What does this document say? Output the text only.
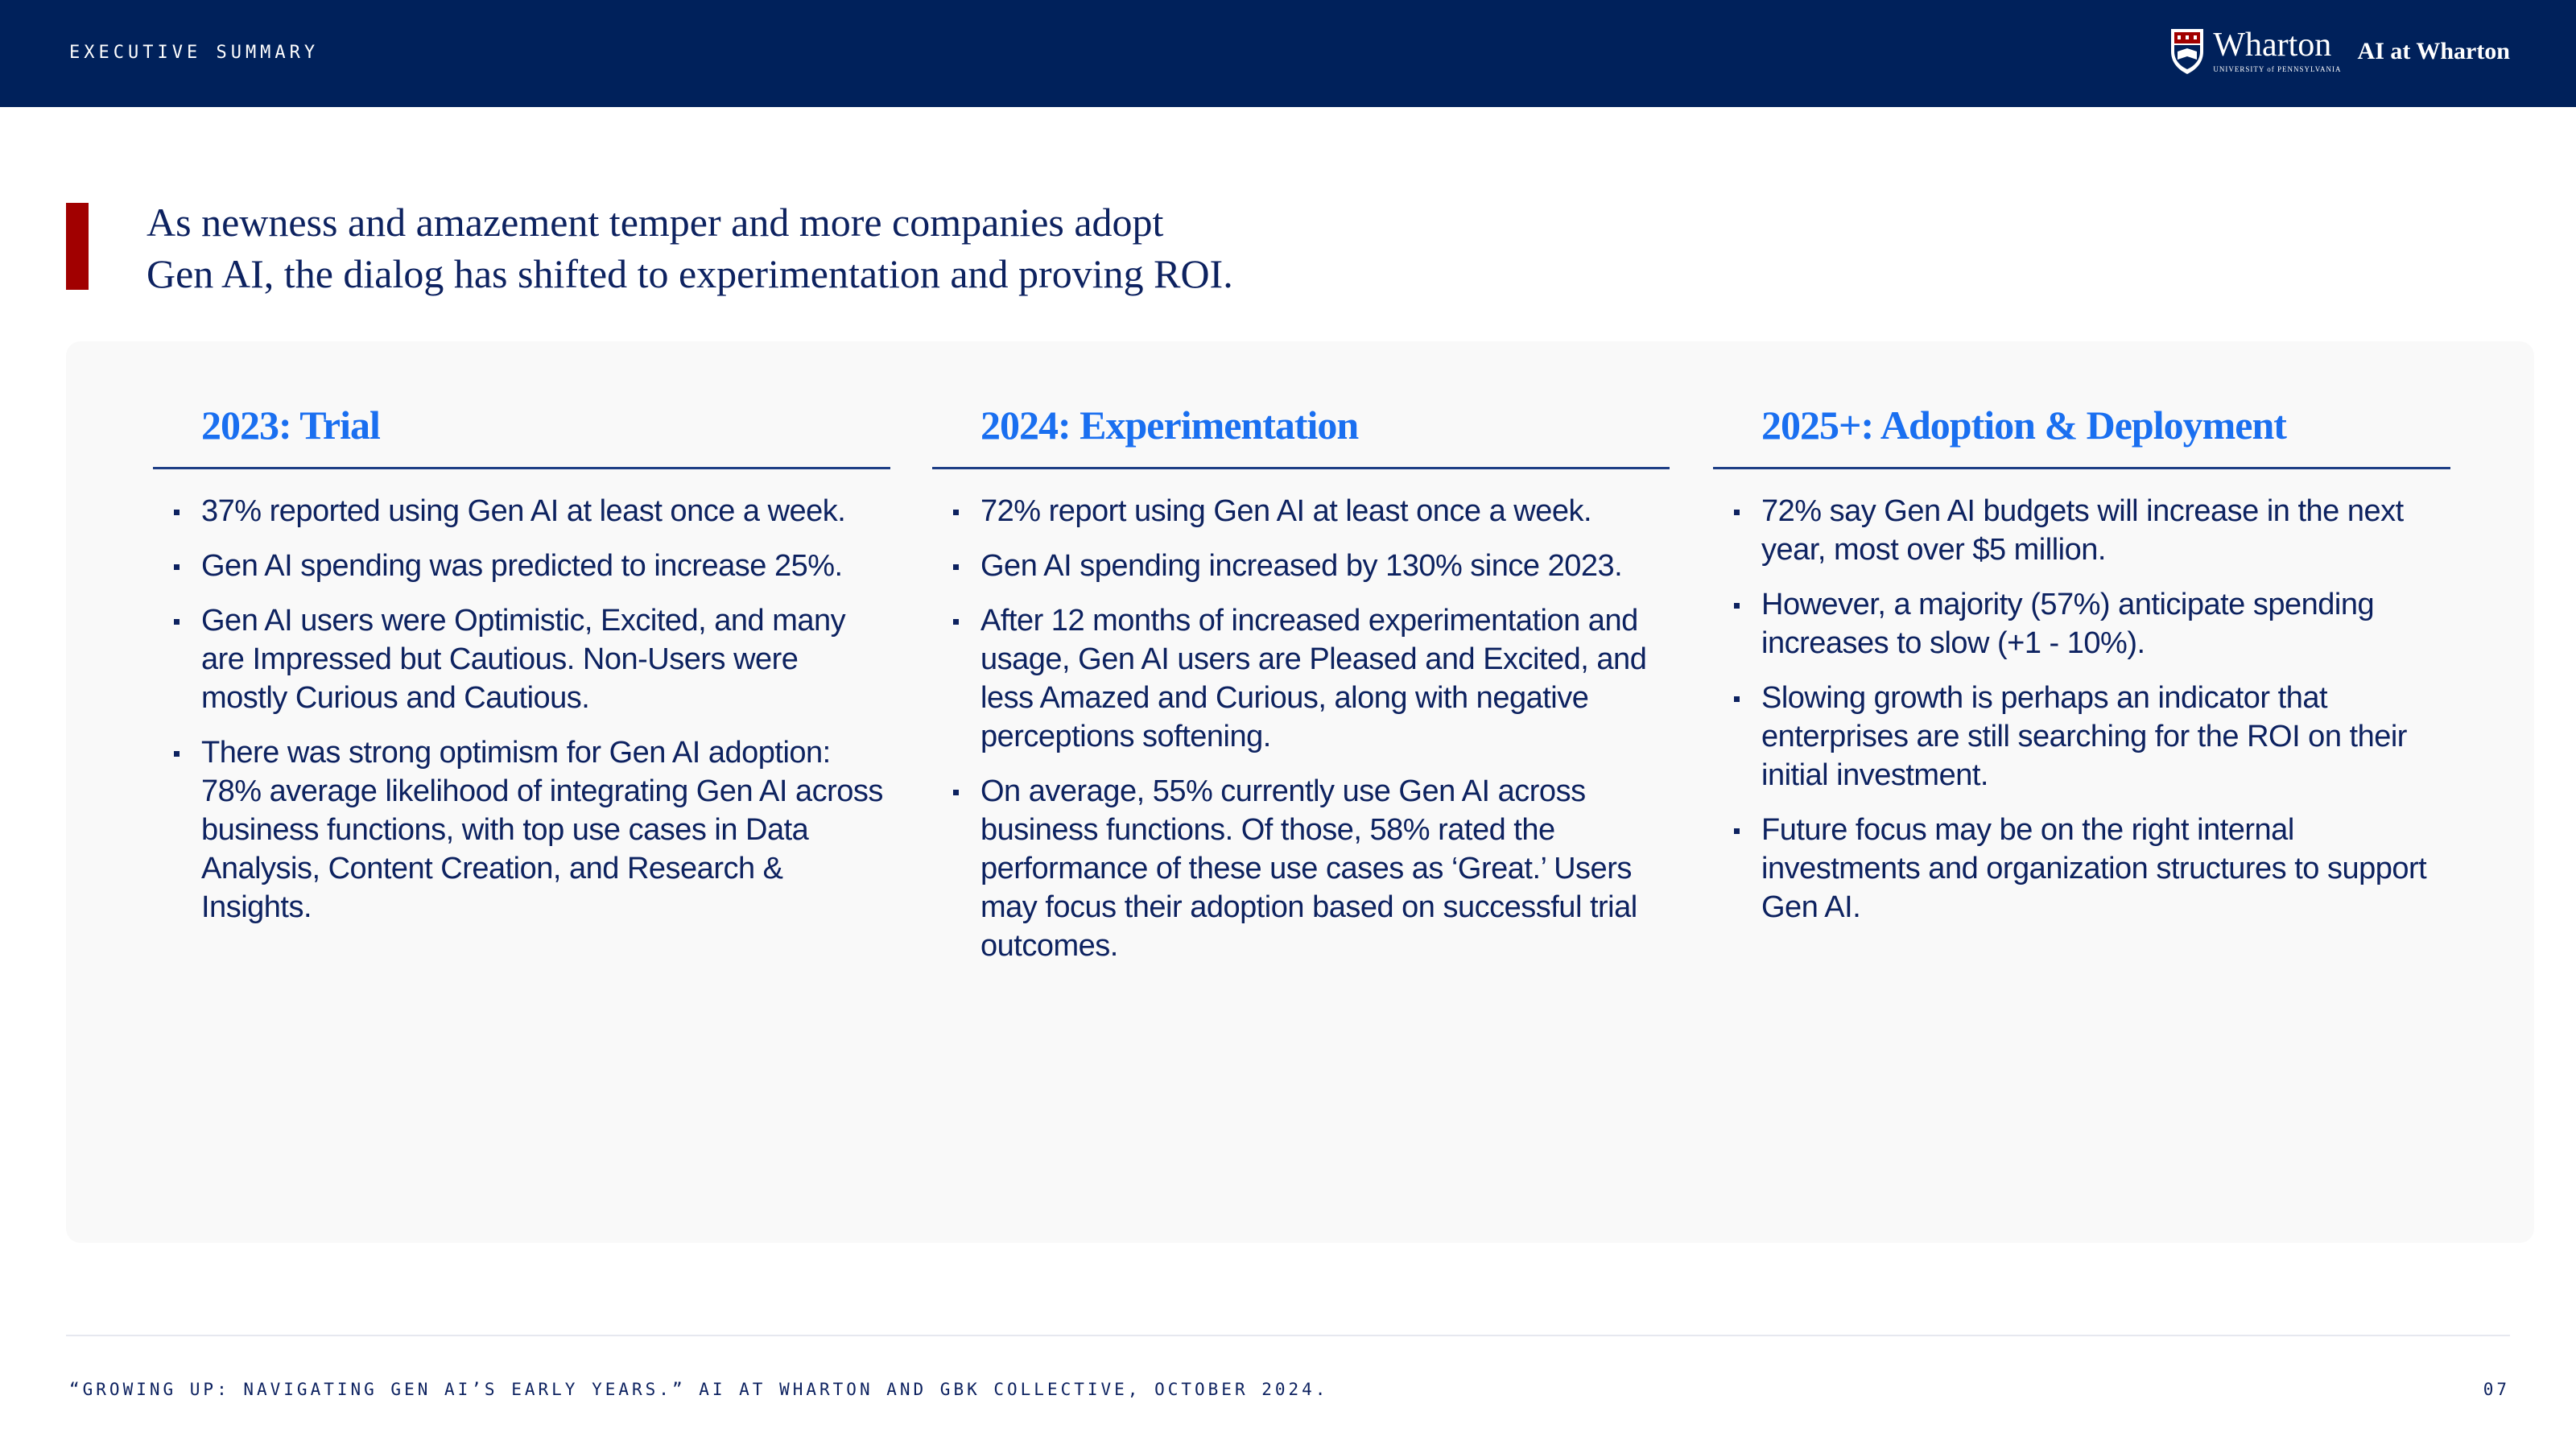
EXECUTIVE SUMMARY	Wharton
UNIVERSITY of PENNSYLVANIA
AI at Wharton
As newness and amazement temper and more companies adopt
Gen AI, the dialog has shifted to experimentation and proving ROI.
2023: Trial
37% reported using Gen AI at least once a week.
Gen AI spending was predicted to increase 25%.
Gen AI users were Optimistic, Excited, and many are Impressed but Cautious. Non-Users were mostly Curious and Cautious.
There was strong optimism for Gen AI adoption: 78% average likelihood of integrating Gen AI across business functions, with top use cases in Data Analysis, Content Creation, and Research & Insights.
2024: Experimentation
72% report using Gen AI at least once a week.
Gen AI spending increased by 130% since 2023.
After 12 months of increased experimentation and usage, Gen AI users are Pleased and Excited, and less Amazed and Curious, along with negative perceptions softening.
On average, 55% currently use Gen AI across business functions. Of those, 58% rated the performance of these use cases as ‘Great.’ Users may focus their adoption based on successful trial outcomes.
2025+: Adoption & Deployment
72% say Gen AI budgets will increase in the next year, most over $5 million.
However, a majority (57%) anticipate spending increases to slow (+1 - 10%).
Slowing growth is perhaps an indicator that enterprises are still searching for the ROI on their initial investment.
Future focus may be on the right internal investments and organization structures to support Gen AI.

“GROWING UP: NAVIGATING GEN AI’S EARLY YEARS.” AI AT WHARTON AND GBK COLLECTIVE, OCTOBER 2024.	07
